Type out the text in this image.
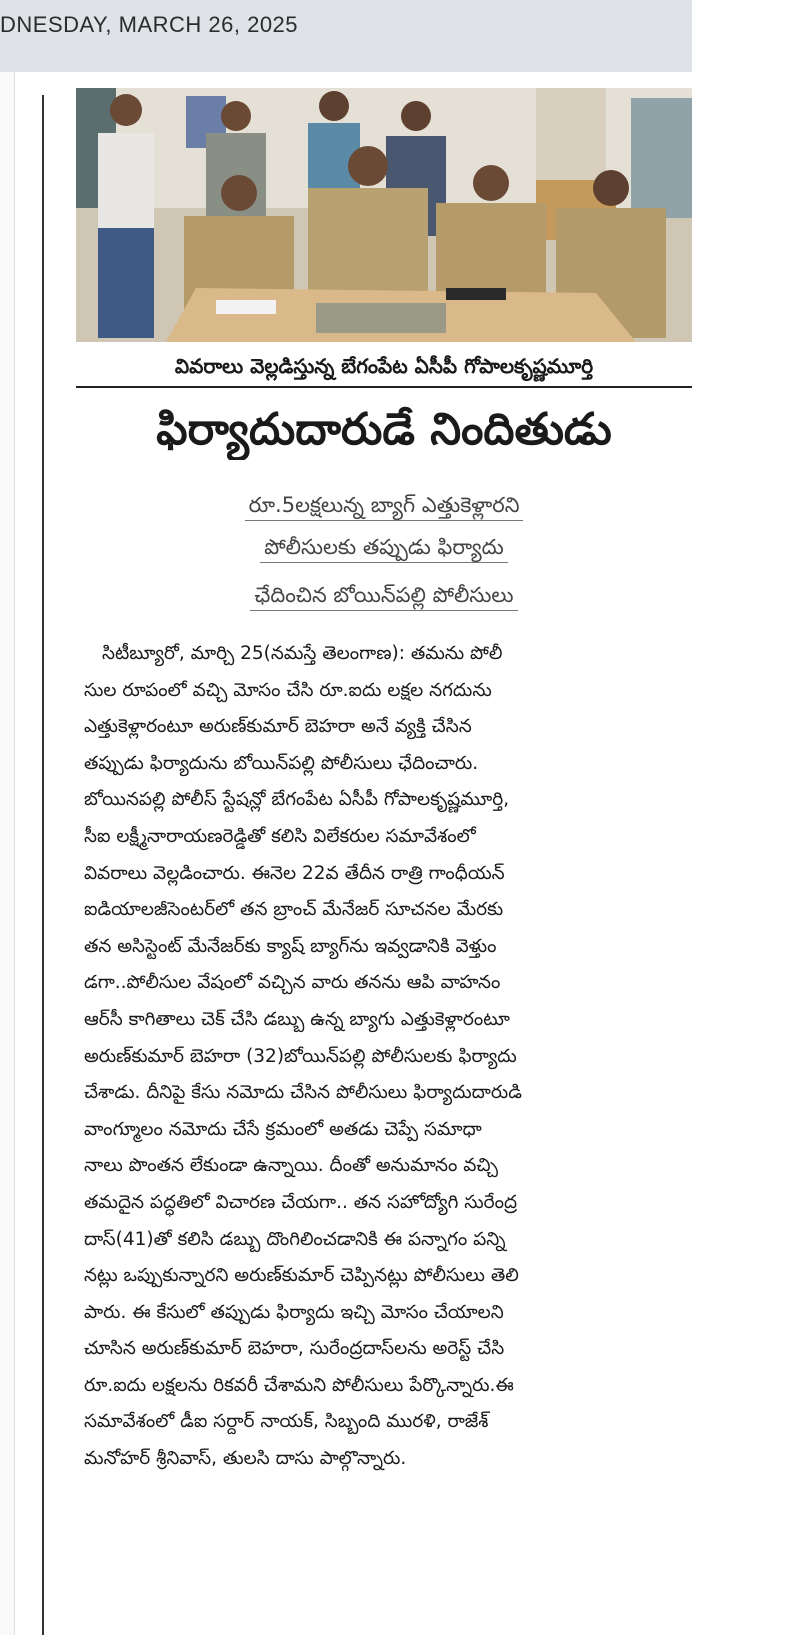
DNESDAY, MARCH 26, 2025
వివరాలు వెల్లడిస్తున్న బేగంపేట ఏసీపీ గోపాలకృష్ణమూర్తి
ఫిర్యాదుదారుడే నిందితుడు
రూ.5లక్షలున్న బ్యాగ్ ఎత్తుకెళ్లారని
పోలీసులకు తప్పుడు ఫిర్యాదు
ఛేదించిన బోయిన్‌పల్లి పోలీసులు
సిటీబ్యూరో, మార్చి 25(నమస్తే తెలంగాణ): తమను పోలీ
సుల రూపంలో వచ్చి మోసం చేసి రూ.ఐదు లక్షల నగదును
ఎత్తుకెళ్లారంటూ అరుణ్‌కుమార్ బెహరా అనే వ్యక్తి చేసిన
తప్పుడు ఫిర్యాదును బోయిన్‌పల్లి పోలీసులు ఛేదించారు.
బోయినపల్లి పోలీస్ స్టేషన్లో బేగంపేట ఏసీపీ గోపాలకృష్ణమూర్తి,
సీఐ లక్ష్మీనారాయణరెడ్డితో కలిసి విలేకరుల సమావేశంలో
వివరాలు వెల్లడించారు. ఈనెల 22వ తేదీన రాత్రి గాంధీయన్
ఐడియాలజీసెంటర్‌లో తన బ్రాంచ్ మేనేజర్ సూచనల మేరకు
తన అసిస్టెంట్ మేనేజర్‌కు క్యాష్ బ్యాగ్‌ను ఇవ్వడానికి వెళ్తుం
డగా..పోలీసుల వేషంలో వచ్చిన వారు తనను ఆపి వాహనం
ఆర్‌సీ కాగితాలు చెక్ చేసి డబ్బు ఉన్న బ్యాగు ఎత్తుకెళ్లారంటూ
అరుణ్‌కుమార్ బెహరా (32)బోయిన్‌పల్లి పోలీసులకు ఫిర్యాదు
చేశాడు. దీనిపై కేసు నమోదు చేసిన పోలీసులు ఫిర్యాదుదారుడి
వాంగ్మూలం నమోదు చేసే క్రమంలో అతడు చెప్పే సమాధా
నాలు పొంతన లేకుండా ఉన్నాయి. దీంతో అనుమానం వచ్చి
తమదైన పద్ధతిలో విచారణ చేయగా.. తన సహోద్యోగి సురేంద్ర
దాస్(41)తో కలిసి డబ్బు దొంగిలించడానికి ఈ పన్నాగం పన్ని
నట్లు ఒప్పుకున్నారని అరుణ్‌కుమార్ చెప్పినట్లు పోలీసులు తెలి
పారు. ఈ కేసులో తప్పుడు ఫిర్యాదు ఇచ్చి మోసం చేయాలని
చూసిన అరుణ్‌కుమార్ బెహరా, సురేంద్రదాస్‌లను అరెస్ట్ చేసి
రూ.ఐదు లక్షలను రికవరీ చేశామని పోలీసులు పేర్కొన్నారు.ఈ
సమావేశంలో డీఐ సర్దార్ నాయక్, సిబ్బంది మురళి, రాజేశ్
మనోహర్ శ్రీనివాస్, తులసి దాసు పాల్గొన్నారు.
